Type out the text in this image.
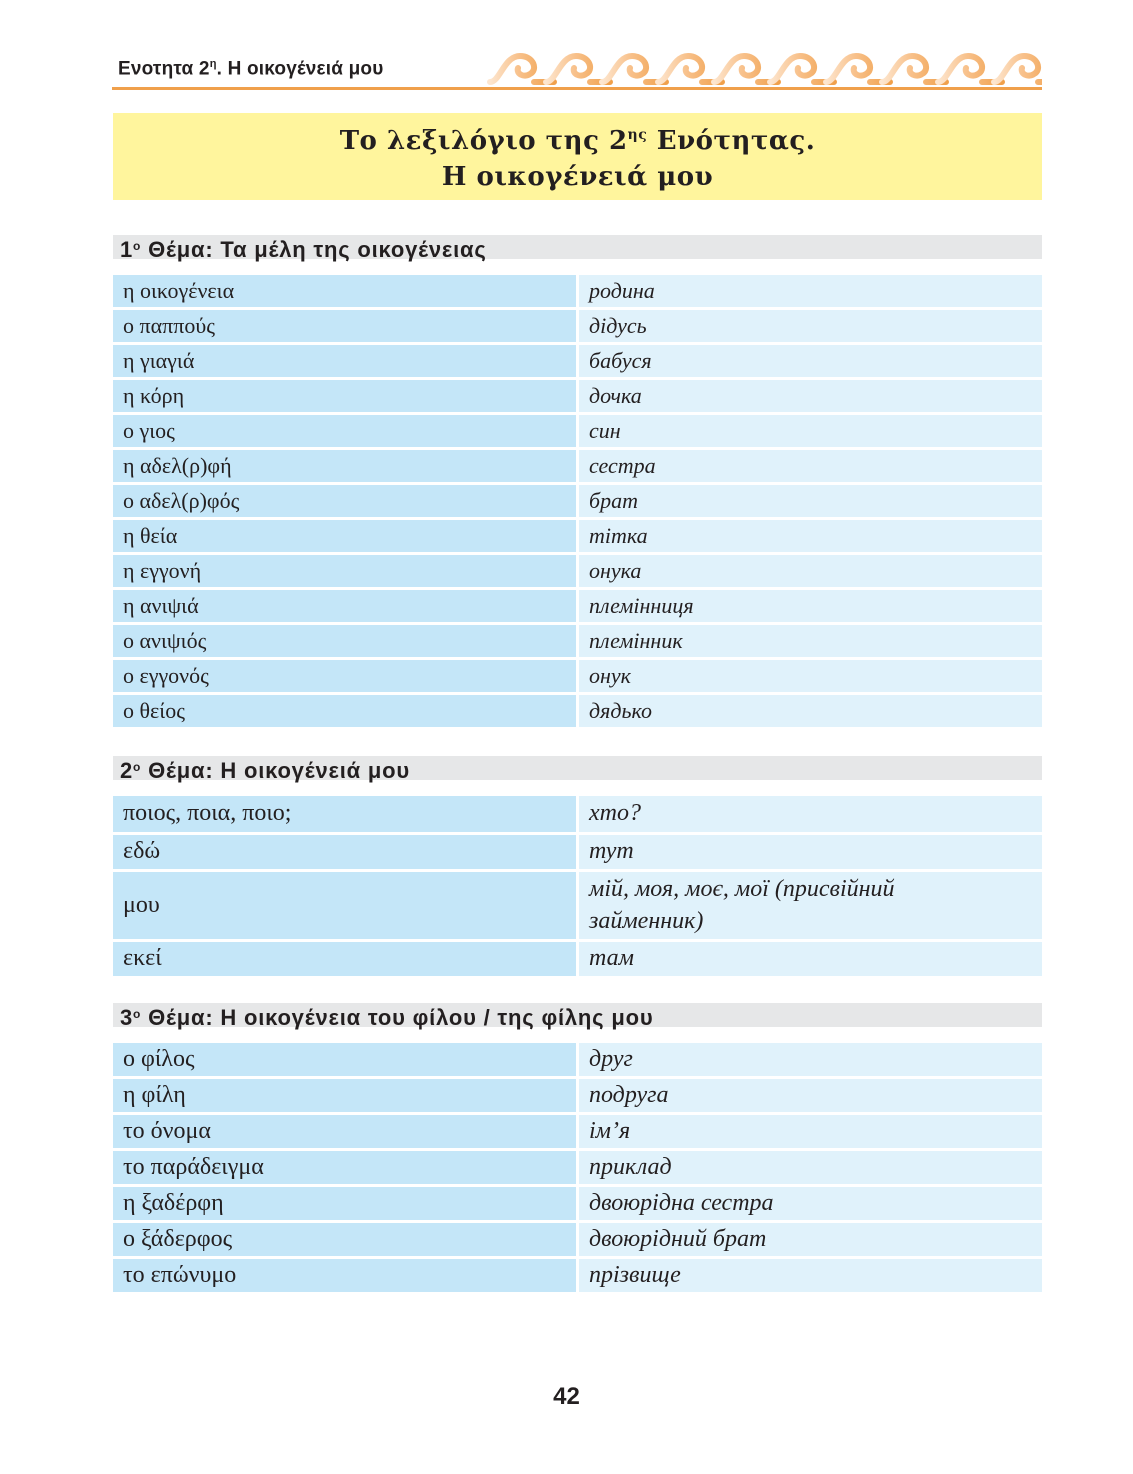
Ενοτητα $2^\eta$. Η οικογένειά μου
Το λεξιλόγιο της $2^{\eta\varsigma}$ Ενότητας.
Η οικογένειά μου
$1^o$ Θέμα: Τα μέλη της οικογένειας
η οικογένεια	родина
ο παππούς	дідусь
η γιαγιά	бабуся
η κόρη	дочка
ο γιος	син
η αδελ(ρ)φή	сестра
ο αδελ(ρ)φός	брат
η θεία	тітка
η εγγονή	онука
η ανιψιά	племінниця
ο ανιψιός	племінник
ο εγγονός	онук
ο θείος	дядько
$2^o$ Θέμα: Η οικογένειά μου
ποιος, ποια, ποιο;	хто?
εδώ	тут
μου	мій, моя, моє, мої (присвійний займенник)
εκεί	там
$3^o$ Θέμα: Η οικογένεια του φίλου / της φίλης μου
ο φίλος	друг
η φίλη	подруга
το όνομα	ім’я
το παράδειγμα	приклад
η ξαδέρφη	двоюрідна сестра
ο ξάδερφος	двоюрідний брат
το επώνυμο	прізвище
42
